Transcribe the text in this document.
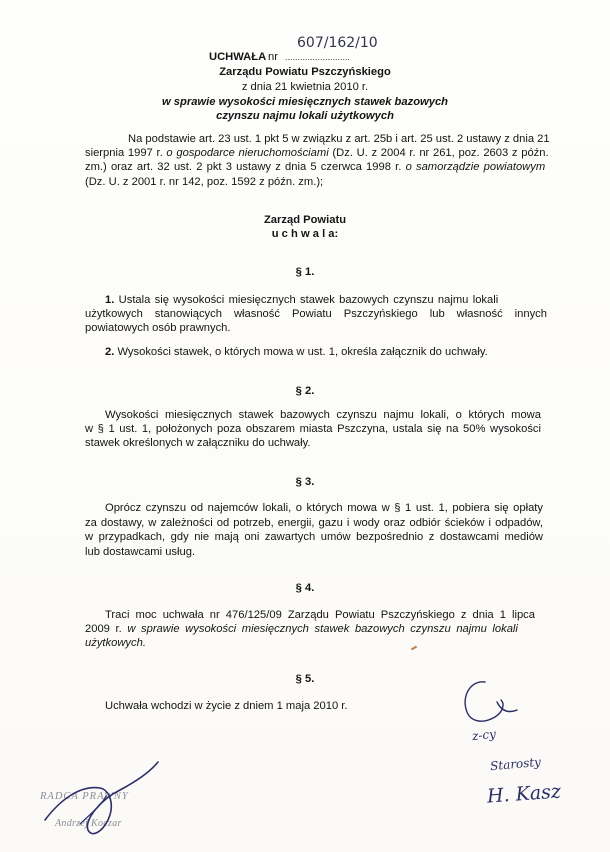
UCHWAŁA nr ..........................
607/162/10
Zarządu Powiatu Pszczyńskiego
z dnia 21 kwietnia 2010 r.
w sprawie wysokości miesięcznych stawek bazowych
czynszu najmu lokali użytkowych
Na podstawie art. 23 ust. 1 pkt 5 w związku z art. 25b i art. 25 ust. 2 ustawy z dnia 21
sierpnia 1997 r. o gospodarce nieruchomościami (Dz. U. z 2004 r. nr 261, poz. 2603 z późn.
zm.) oraz art. 32 ust. 2 pkt 3 ustawy z dnia 5 czerwca 1998 r. o samorządzie powiatowym
(Dz. U. z 2001 r. nr 142, poz. 1592 z późn. zm.);
Zarząd Powiatu
u c h w a l a:
§ 1.
1. Ustala się wysokości miesięcznych stawek bazowych czynszu najmu lokali
użytkowych stanowiących własność Powiatu Pszczyńskiego lub własność innych
powiatowych osób prawnych.
2. Wysokości stawek, o których mowa w ust. 1, określa załącznik do uchwały.
§ 2.
Wysokości miesięcznych stawek bazowych czynszu najmu lokali, o których mowa
w § 1 ust. 1, położonych poza obszarem miasta Pszczyna, ustala się na 50% wysokości
stawek określonych w załączniku do uchwały.
§ 3.
Oprócz czynszu od najemców lokali, o których mowa w § 1 ust. 1, pobiera się opłaty
za dostawy, w zależności od potrzeb, energii, gazu i wody oraz odbiór ścieków i odpadów,
w przypadkach, gdy nie mają oni zawartych umów bezpośrednio z dostawcami mediów
lub dostawcami usług.
§ 4.
Traci moc uchwała nr 476/125/09 Zarządu Powiatu Pszczyńskiego z dnia 1 lipca
2009 r. w sprawie wysokości miesięcznych stawek bazowych czynszu najmu lokali
użytkowych.
§ 5.
Uchwała wchodzi w życie z dniem 1 maja 2010 r.
RADCA PRAWNY
Andrzej Koczar
z-cy
Starosty
H. Kasz
